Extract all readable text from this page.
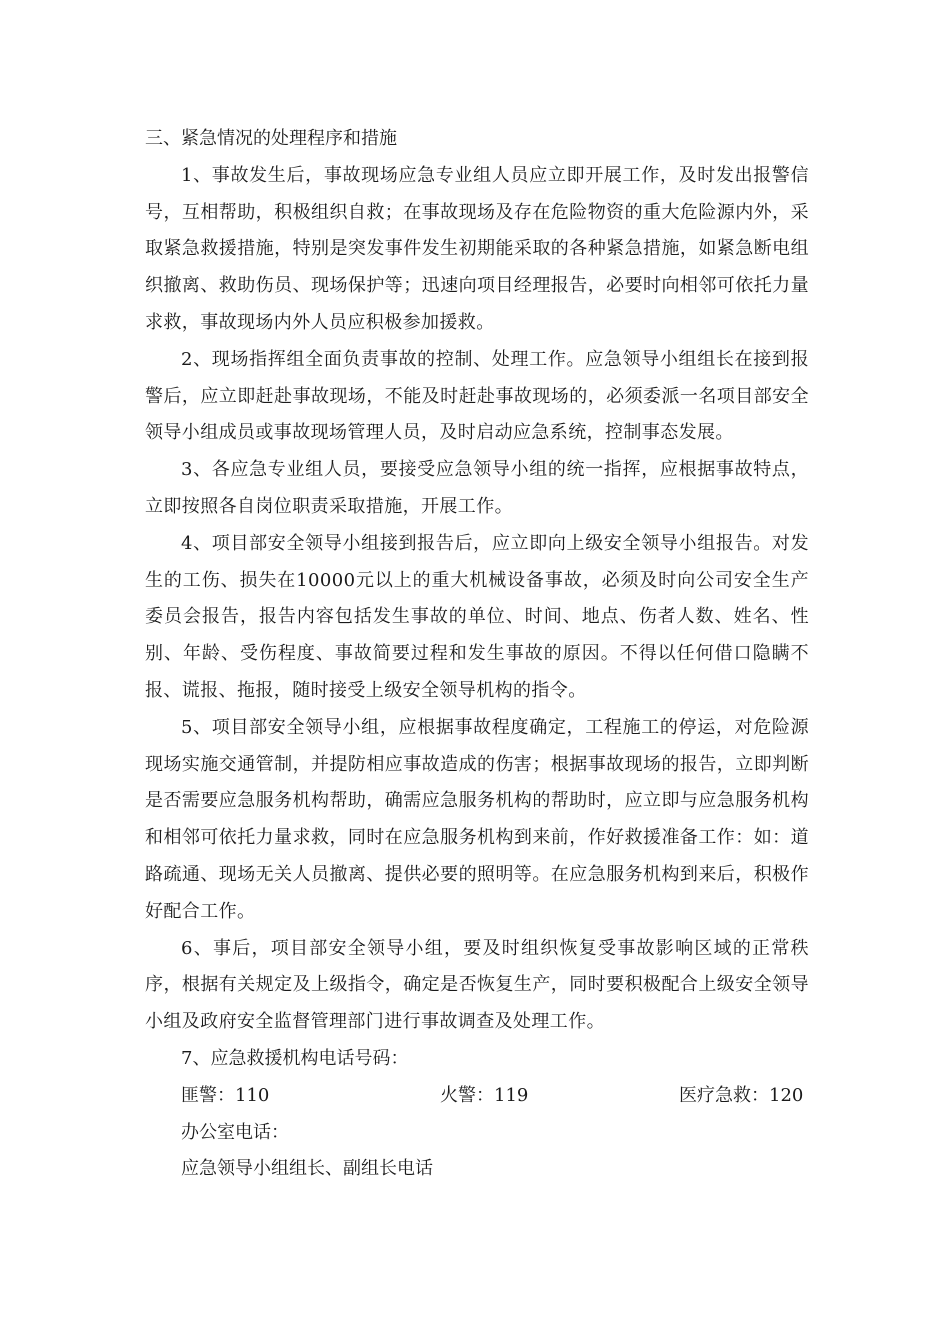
三、紧急情况的处理程序和措施

1、事故发生后，事故现场应急专业组人员应立即开展工作，及时发出报警信号，互相帮助，积极组织自救；在事故现场及存在危险物资的重大危险源内外，采取紧急救援措施，特别是突发事件发生初期能采取的各种紧急措施，如紧急断电组织撤离、救助伤员、现场保护等；迅速向项目经理报告，必要时向相邻可依托力量求救，事故现场内外人员应积极参加援救。

2、现场指挥组全面负责事故的控制、处理工作。应急领导小组组长在接到报警后，应立即赶赴事故现场，不能及时赶赴事故现场的，必须委派一名项目部安全领导小组成员或事故现场管理人员，及时启动应急系统，控制事态发展。

3、各应急专业组人员，要接受应急领导小组的统一指挥，应根据事故特点，立即按照各自岗位职责采取措施，开展工作。

4、项目部安全领导小组接到报告后，应立即向上级安全领导小组报告。对发生的工伤、损失在10000元以上的重大机械设备事故，必须及时向公司安全生产委员会报告，报告内容包括发生事故的单位、时间、地点、伤者人数、姓名、性别、年龄、受伤程度、事故简要过程和发生事故的原因。不得以任何借口隐瞒不报、谎报、拖报，随时接受上级安全领导机构的指令。

5、项目部安全领导小组，应根据事故程度确定，工程施工的停运，对危险源现场实施交通管制，并提防相应事故造成的伤害；根据事故现场的报告，立即判断是否需要应急服务机构帮助，确需应急服务机构的帮助时，应立即与应急服务机构和相邻可依托力量求救，同时在应急服务机构到来前，作好救援准备工作：如：道路疏通、现场无关人员撤离、提供必要的照明等。在应急服务机构到来后，积极作好配合工作。

6、事后，项目部安全领导小组，要及时组织恢复受事故影响区域的正常秩序，根据有关规定及上级指令，确定是否恢复生产，同时要积极配合上级安全领导小组及政府安全监督管理部门进行事故调查及处理工作。

7、应急救援机构电话号码：

匪警：110	火警：119	医疗急救：120

办公室电话：

应急领导小组组长、副组长电话
